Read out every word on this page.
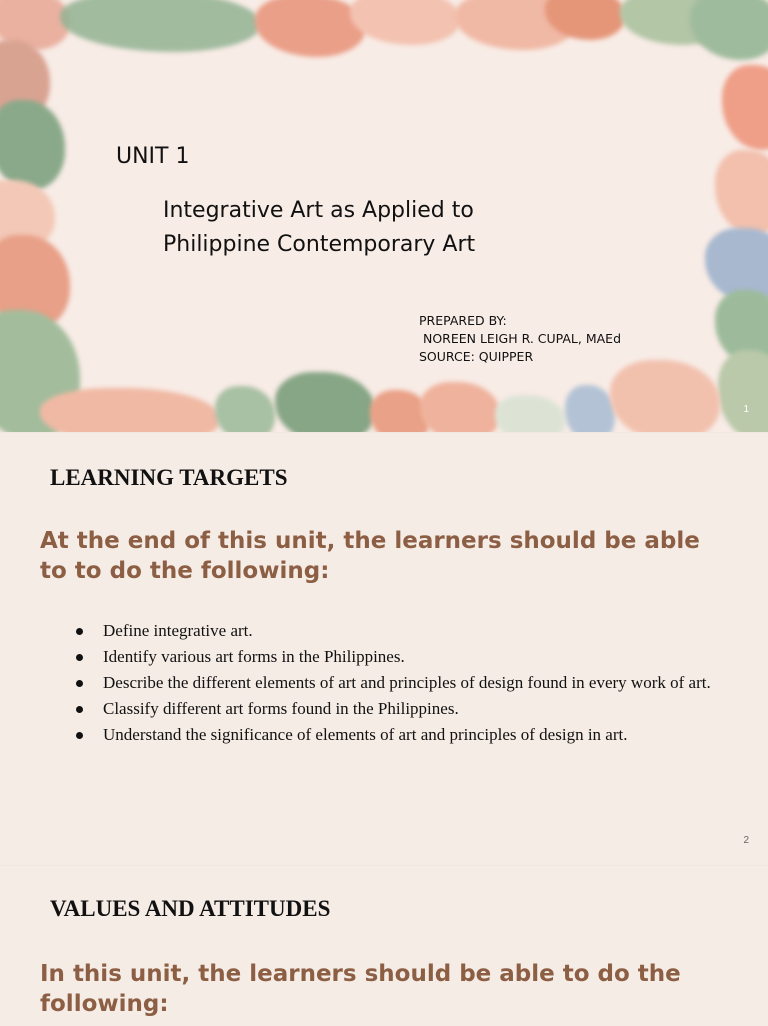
UNIT 1
Integrative Art as Applied to Philippine Contemporary Art
PREPARED BY:
NOREEN LEIGH R. CUPAL, MAEd
SOURCE: QUIPPER
1
LEARNING TARGETS
At the end of this unit, the learners should be able to to do the following:
Define integrative art.
Identify various art forms in the Philippines.
Describe the different elements of art and principles of design found in every work of art.
Classify different art forms found in the Philippines.
Understand the significance of elements of art and principles of design in art.
2
VALUES AND ATTITUDES
In this unit, the learners should be able to do the following:
